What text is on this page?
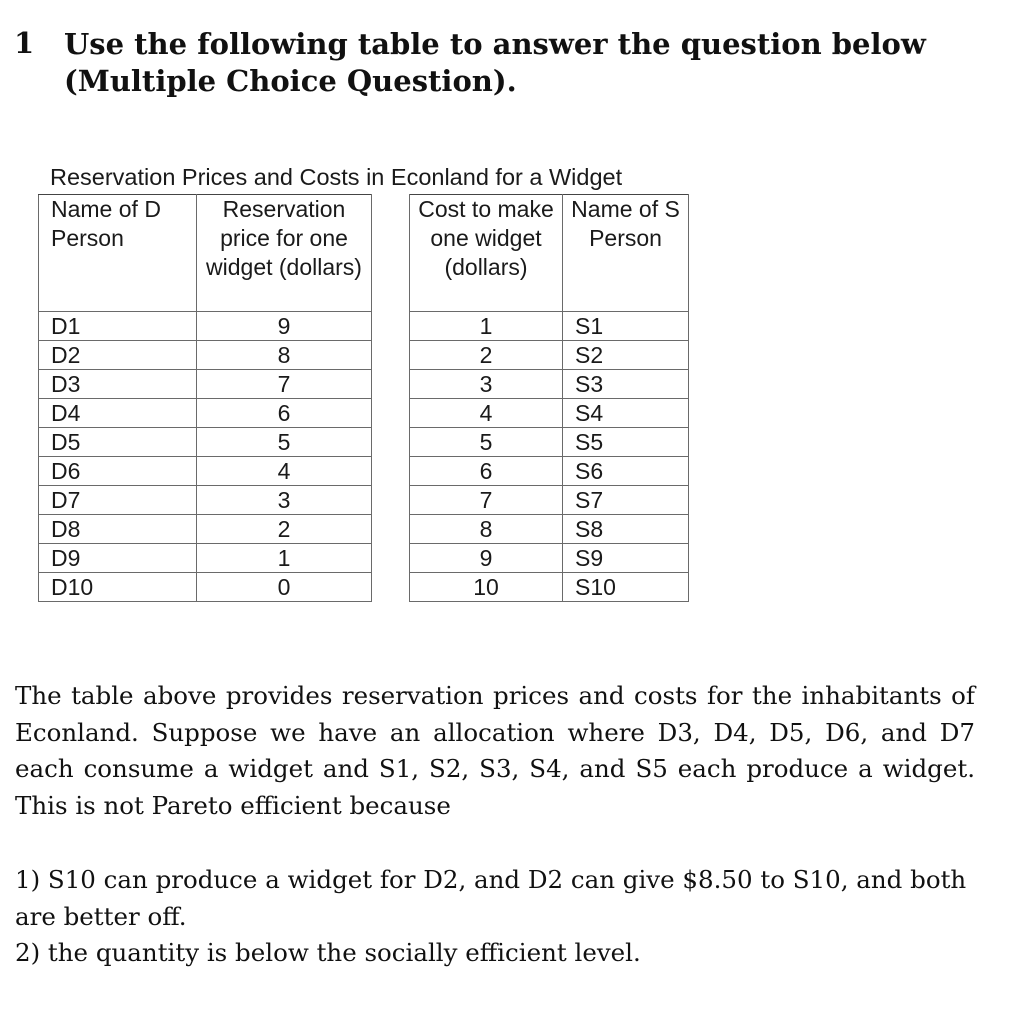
1 Use the following table to answer the question below (Multiple Choice Question).
Reservation Prices and Costs in Econland for a Widget
Name of D Person	Reservation price for one widget (dollars)		Cost to make one widget (dollars)	Name of S Person
D1	9		1	S1
D2	8		2	S2
D3	7		3	S3
D4	6		4	S4
D5	5		5	S5
D6	4		6	S6
D7	3		7	S7
D8	2		8	S8
D9	1		9	S9
D10	0		10	S10
The table above provides reservation prices and costs for the inhabitants of Econland. Suppose we have an allocation where D3, D4, D5, D6, and D7 each consume a widget and S1, S2, S3, S4, and S5 each produce a widget. This is not Pareto efficient because
1) S10 can produce a widget for D2, and D2 can give $8.50 to S10, and both are better off.
2) the quantity is below the socially efficient level.
